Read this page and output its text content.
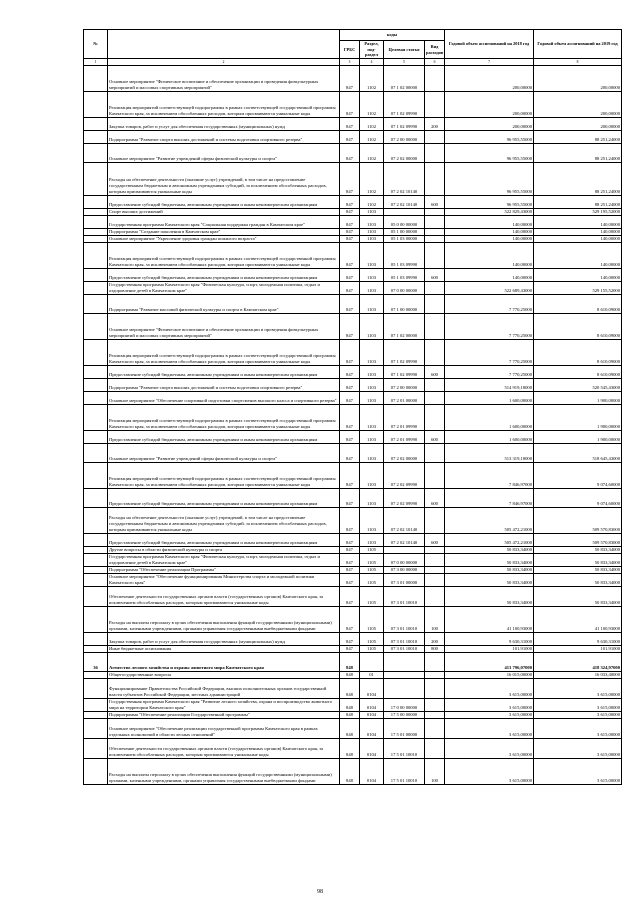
№	Наименование	коды				Годовой объем ассигнований на 2018 год	Годовой объем ассигнований на 2019 год
		ГРБС	Раздел, под-раздел	Целевая статья	Вид расходов		
1	2	3	4	5	6	7	8
	Основное мероприятие "Физическое воспитание и обеспечение организации и проведения физкультурных мероприятий и массовых спортивных мероприятий"	847	1102	07 1 02 00000		200,00000	200,00000
	Реализация мероприятий соответствующей подпрограммы в рамках соответствующей государственной программы Камчатского края, за исключением обособленных расходов, которым присваиваются уникальные коды	847	1102	07 1 02 09990		200,00000	200,00000
	Закупка товаров, работ и услуг для обеспечения государственных (муниципальных) нужд	847	1102	07 1 02 09990	200	200,00000	200,00000
	Подпрограмма "Развитие спорта высших достижений и системы подготовки спортивного резерва"	847	1102	07 2 00 00000		96 955,55000	88 251,24000
	Основное мероприятие "Развитие учреждений сферы физической культуры и спорта"	847	1102	07 2 02 00000		96 955,55000	88 251,24000
	Расходы на обеспечение деятельности (оказание услуг) учреждений, в том числе на предоставление государственным бюджетным и автономным учреждениям субсидий, за исключением обособленных расходов, которым присваиваются уникальные коды	847	1102	07 2 02 10140		96 955,55000	88 251,24000
	Предоставление субсидий бюджетным, автономным учреждениям и иным некоммерческим организациям	847	1102	07 2 02 10140	600	96 955,55000	88 251,24000
	Спорт высших достижений	847	1103			522 829,43000	529 195,52000
	Государственная программа Камчатского края "Социальная поддержка граждан в Камчатском крае"	847	1103	05 0 00 00000		140,00000	140,00000
	Подпрограмма "Создание поколения в Камчатском крае"	847	1103	05 1 00 00000		140,00000	140,00000
	Основное мероприятие "Укрепление здоровья граждан пожилого возраста"	847	1103	05 1 03 00000		140,00000	140,00000
	Реализация мероприятий соответствующей подпрограммы в рамках соответствующей государственной программы Камчатского края, за исключением обособленных расходов, которым присваиваются уникальные коды	847	1103	05 1 03 09990		140,00000	140,00000
	Предоставление субсидий бюджетным, автономным учреждениям и иным некоммерческим организациям	847	1103	05 1 03 09990	600	140,00000	140,00000
	Государственная программа Камчатского края "Физическая культура, спорт, молодежная политика, отдых и оздоровление детей в Камчатском крае"	847	1103	07 0 00 00000		522 689,43000	529 155,52000
	Подпрограмма "Развитие массовой физической культуры и спорта в Камчатском крае"	847	1103	07 1 00 00000		7 770,25000	8 610,09000
	Основное мероприятие "Физическое воспитание и обеспечение организации и проведения физкультурных мероприятий и массовых спортивных мероприятий"	847	1103	07 1 02 00000		7 770,25000	8 610,09000
	Реализация мероприятий соответствующей подпрограммы в рамках соответствующей государственной программы Камчатского края, за исключением обособленных расходов, которым присваиваются уникальные коды	847	1103	07 1 02 09990		7 770,25000	8 610,09000
	Предоставление субсидий бюджетным, автономным учреждениям и иным некоммерческим организациям	847	1103	07 1 02 09990	600	7 770,25000	8 610,09000
	Подпрограмма "Развитие спорта высших достижений и системы подготовки спортивного резерва"	847	1103	07 2 00 00000		514 919,18000	520 545,43000
	Основное мероприятие "Обеспечение спортивной подготовки спортсменов высокого класса и спортивного резерва"	847	1103	07 2 01 00000		1 600,00000	1 900,00000
	Реализация мероприятий соответствующей подпрограммы в рамках соответствующей государственной программы Камчатского края, за исключением обособленных расходов, которым присваиваются уникальные коды	847	1103	07 2 01 09990		1 600,00000	1 900,00000
	Предоставление субсидий бюджетным, автономным учреждениям и иным некоммерческим организациям	847	1103	07 2 01 09990	600	1 600,00000	1 900,00000
	Основное мероприятие "Развитие учреждений сферы физической культуры и спорта"	847	1103	07 2 02 00000		513 319,18000	518 645,43000
	Реализация мероприятий соответствующей подпрограммы в рамках соответствующей государственной программы Камчатского края, за исключением обособленных расходов, которым присваиваются уникальные коды	847	1103	07 2 02 09990		7 846,97000	9 074,60000
	Предоставление субсидий бюджетным, автономным учреждениям и иным некоммерческим организациям	847	1103	07 2 02 09990	600	7 846,97000	9 074,60000
	Расходы на обеспечение деятельности (оказание услуг) учреждений, в том числе на предоставление государственным бюджетным и автономным учреждениям субсидий, за исключением обособленных расходов, которым присваиваются уникальные коды	847	1103	07 2 02 10140		505 472,21000	509 570,83000
	Предоставление субсидий бюджетным, автономным учреждениям и иным некоммерческим организациям	847	1103	07 2 02 10140	600	505 472,21000	509 570,83000
	Другие вопросы в области физической культуры и спорта	847	1105			50 833,34000	50 833,34000
	Государственная программа Камчатского края "Физическая культура, спорт, молодежная политика, отдых и оздоровление детей в Камчатском крае"	847	1105	07 0 00 00000		50 833,34000	50 833,34000
	Подпрограмма "Обеспечение реализации Программы"	847	1105	07 3 00 00000		50 833,34000	50 833,34000
	Основное мероприятие "Обеспечение функционирования Министерства спорта и молодежной политики Камчатского края"	847	1105	07 3 01 00000		50 833,34000	50 833,34000
	Обеспечение деятельности государственных органов власти (государственных органов) Камчатского края, за исключением обособленных расходов, которым присваиваются уникальные коды	847	1105	07 3 01 10010		50 833,34000	50 833,34000
	Расходы на выплаты персоналу в целях обеспечения выполнения функций государственными (муниципальными) органами, казенными учреждениями, органами управления государственными внебюджетными фондами	847	1105	07 3 01 10010	100	41 100,93000	41 100,93000
	Закупка товаров, работ и услуг для обеспечения государственных (муниципальных) нужд	847	1105	07 3 01 10010	200	9 630,31000	9 630,31000
	Иные бюджетные ассигнования	847	1105	07 3 01 10010	800	101,91000	101,91000
36	Агентство лесного хозяйства и охраны животного мира Камчатского края	848				413 796,07000	418 324,97000
	Общегосударственные вопросы	848	01			16 015,00000	16 033,40000
	Функционирование Правительства Российской Федерации, высших исполнительных органов государственной власти субъектов Российской Федерации, местных администраций	848	0104			3 615,00000	3 615,00000
	Государственная программа Камчатского края "Развитие лесного хозяйства, охрана и воспроизводство животного мира на территории Камчатского края"	848	0104	17 0 00 00000		3 615,00000	3 615,00000
	Подпрограмма "Обеспечение реализации Государственной программы"	848	0104	17 5 00 00000		3 615,00000	3 615,00000
	Основное мероприятие "Обеспечение реализации государственной программы Камчатского края в рамках отдельных полномочий в области лесных отношений"	848	0104	17 5 01 00000		3 615,00000	3 615,00000
	Обеспечение деятельности государственных органов власти (государственных органов) Камчатского края, за исключением обособленных расходов, которым присваиваются уникальные коды	848	0104	17 5 01 10010		3 615,00000	3 615,00000
	Расходы на выплаты персоналу в целях обеспечения выполнения функций государственными (муниципальными) органами, казенными учреждениями, органами управления государственными внебюджетными фондами	848	0104	17 5 01 10010	100	3 615,00000	3 615,00000
98
